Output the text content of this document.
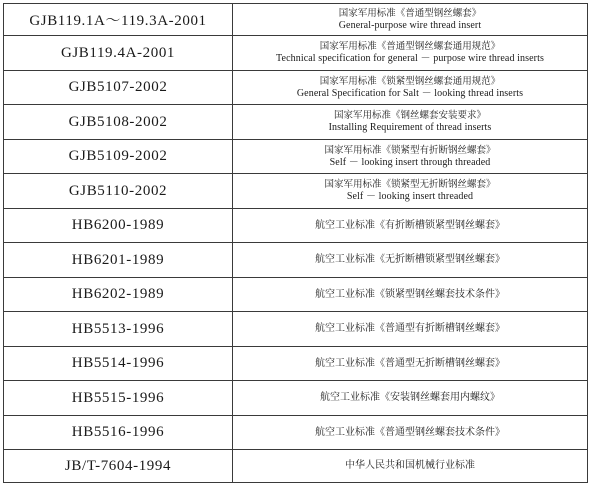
GJB119.1A～119.3A-2001	国家军用标准《普通型钢丝螺套》
General-purpose wire thread insert

GJB119.4A-2001	国家军用标准《普通型钢丝螺套通用规范》
Technical specification for general － purpose wire thread inserts

GJB5107-2002	国家军用标准《锁紧型钢丝螺套通用规范》
General Specification for Salt － looking thread inserts

GJB5108-2002	国家军用标准《钢丝螺套安装要求》
Installing Requirement of thread inserts

GJB5109-2002	国家军用标准《锁紧型有折断钢丝螺套》
Self － looking insert through threaded

GJB5110-2002	国家军用标准《锁紧型无折断钢丝螺套》
Self － looking insert threaded

HB6200-1989	航空工业标准《有折断槽锁紧型钢丝螺套》

HB6201-1989	航空工业标准《无折断槽锁紧型钢丝螺套》

HB6202-1989	航空工业标准《锁紧型钢丝螺套技术条件》

HB5513-1996	航空工业标准《普通型有折断槽钢丝螺套》

HB5514-1996	航空工业标准《普通型无折断槽钢丝螺套》

HB5515-1996	航空工业标准《安装钢丝螺套用内螺纹》

HB5516-1996	航空工业标准《普通型钢丝螺套技术条件》

JB/T-7604-1994	中华人民共和国机械行业标准
